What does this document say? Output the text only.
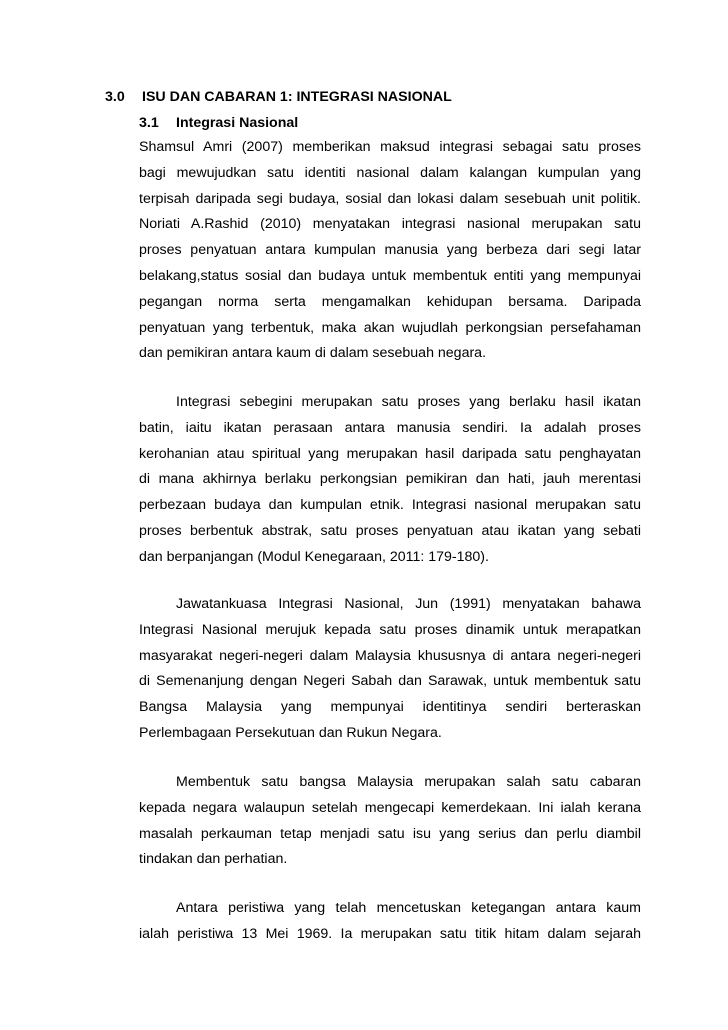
3.0 ISU DAN CABARAN 1: INTEGRASI NASIONAL
3.1 Integrasi Nasional
Shamsul Amri (2007) memberikan maksud integrasi sebagai satu proses
bagi mewujudkan satu identiti nasional dalam kalangan kumpulan yang
terpisah daripada segi budaya, sosial dan lokasi dalam sesebuah unit politik.
Noriati A.Rashid (2010) menyatakan integrasi nasional merupakan satu
proses penyatuan antara kumpulan manusia yang berbeza dari segi latar
belakang,status sosial dan budaya untuk membentuk entiti yang mempunyai
pegangan norma serta mengamalkan kehidupan bersama. Daripada
penyatuan yang terbentuk, maka akan wujudlah perkongsian persefahaman
dan pemikiran antara kaum di dalam sesebuah negara.
Integrasi sebegini merupakan satu proses yang berlaku hasil ikatan
batin, iaitu ikatan perasaan antara manusia sendiri. Ia adalah proses
kerohanian atau spiritual yang merupakan hasil daripada satu penghayatan
di mana akhirnya berlaku perkongsian pemikiran dan hati, jauh merentasi
perbezaan budaya dan kumpulan etnik. Integrasi nasional merupakan satu
proses berbentuk abstrak, satu proses penyatuan atau ikatan yang sebati
dan berpanjangan (Modul Kenegaraan, 2011: 179-180).
Jawatankuasa Integrasi Nasional, Jun (1991) menyatakan bahawa
Integrasi Nasional merujuk kepada satu proses dinamik untuk merapatkan
masyarakat negeri-negeri dalam Malaysia khususnya di antara negeri-negeri
di Semenanjung dengan Negeri Sabah dan Sarawak, untuk membentuk satu
Bangsa Malaysia yang mempunyai identitinya sendiri berteraskan
Perlembagaan Persekutuan dan Rukun Negara.
Membentuk satu bangsa Malaysia merupakan salah satu cabaran
kepada negara walaupun setelah mengecapi kemerdekaan. Ini ialah kerana
masalah perkauman tetap menjadi satu isu yang serius dan perlu diambil
tindakan dan perhatian.
Antara peristiwa yang telah mencetuskan ketegangan antara kaum
ialah peristiwa 13 Mei 1969. Ia merupakan satu titik hitam dalam sejarah
